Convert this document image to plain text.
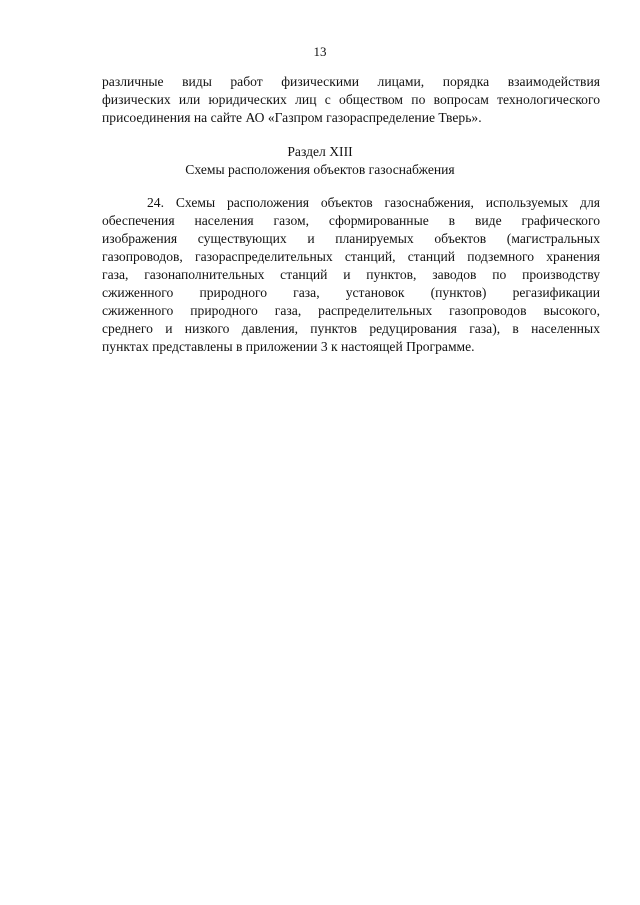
13
различные виды работ физическими лицами, порядка взаимодействия
физических или юридических лиц с обществом по вопросам технологического
присоединения на сайте АО «Газпром газораспределение Тверь».
Раздел XIII
Схемы расположения объектов газоснабжения
24. Схемы расположения объектов газоснабжения, используемых для
обеспечения населения газом, сформированные в виде графического
изображения существующих и планируемых объектов (магистральных
газопроводов, газораспределительных станций, станций подземного хранения
газа, газонаполнительных станций и пунктов, заводов по производству
сжиженного природного газа, установок (пунктов) регазификации
сжиженного природного газа, распределительных газопроводов высокого,
среднего и низкого давления, пунктов редуцирования газа), в населенных
пунктах представлены в приложении 3 к настоящей Программе.
